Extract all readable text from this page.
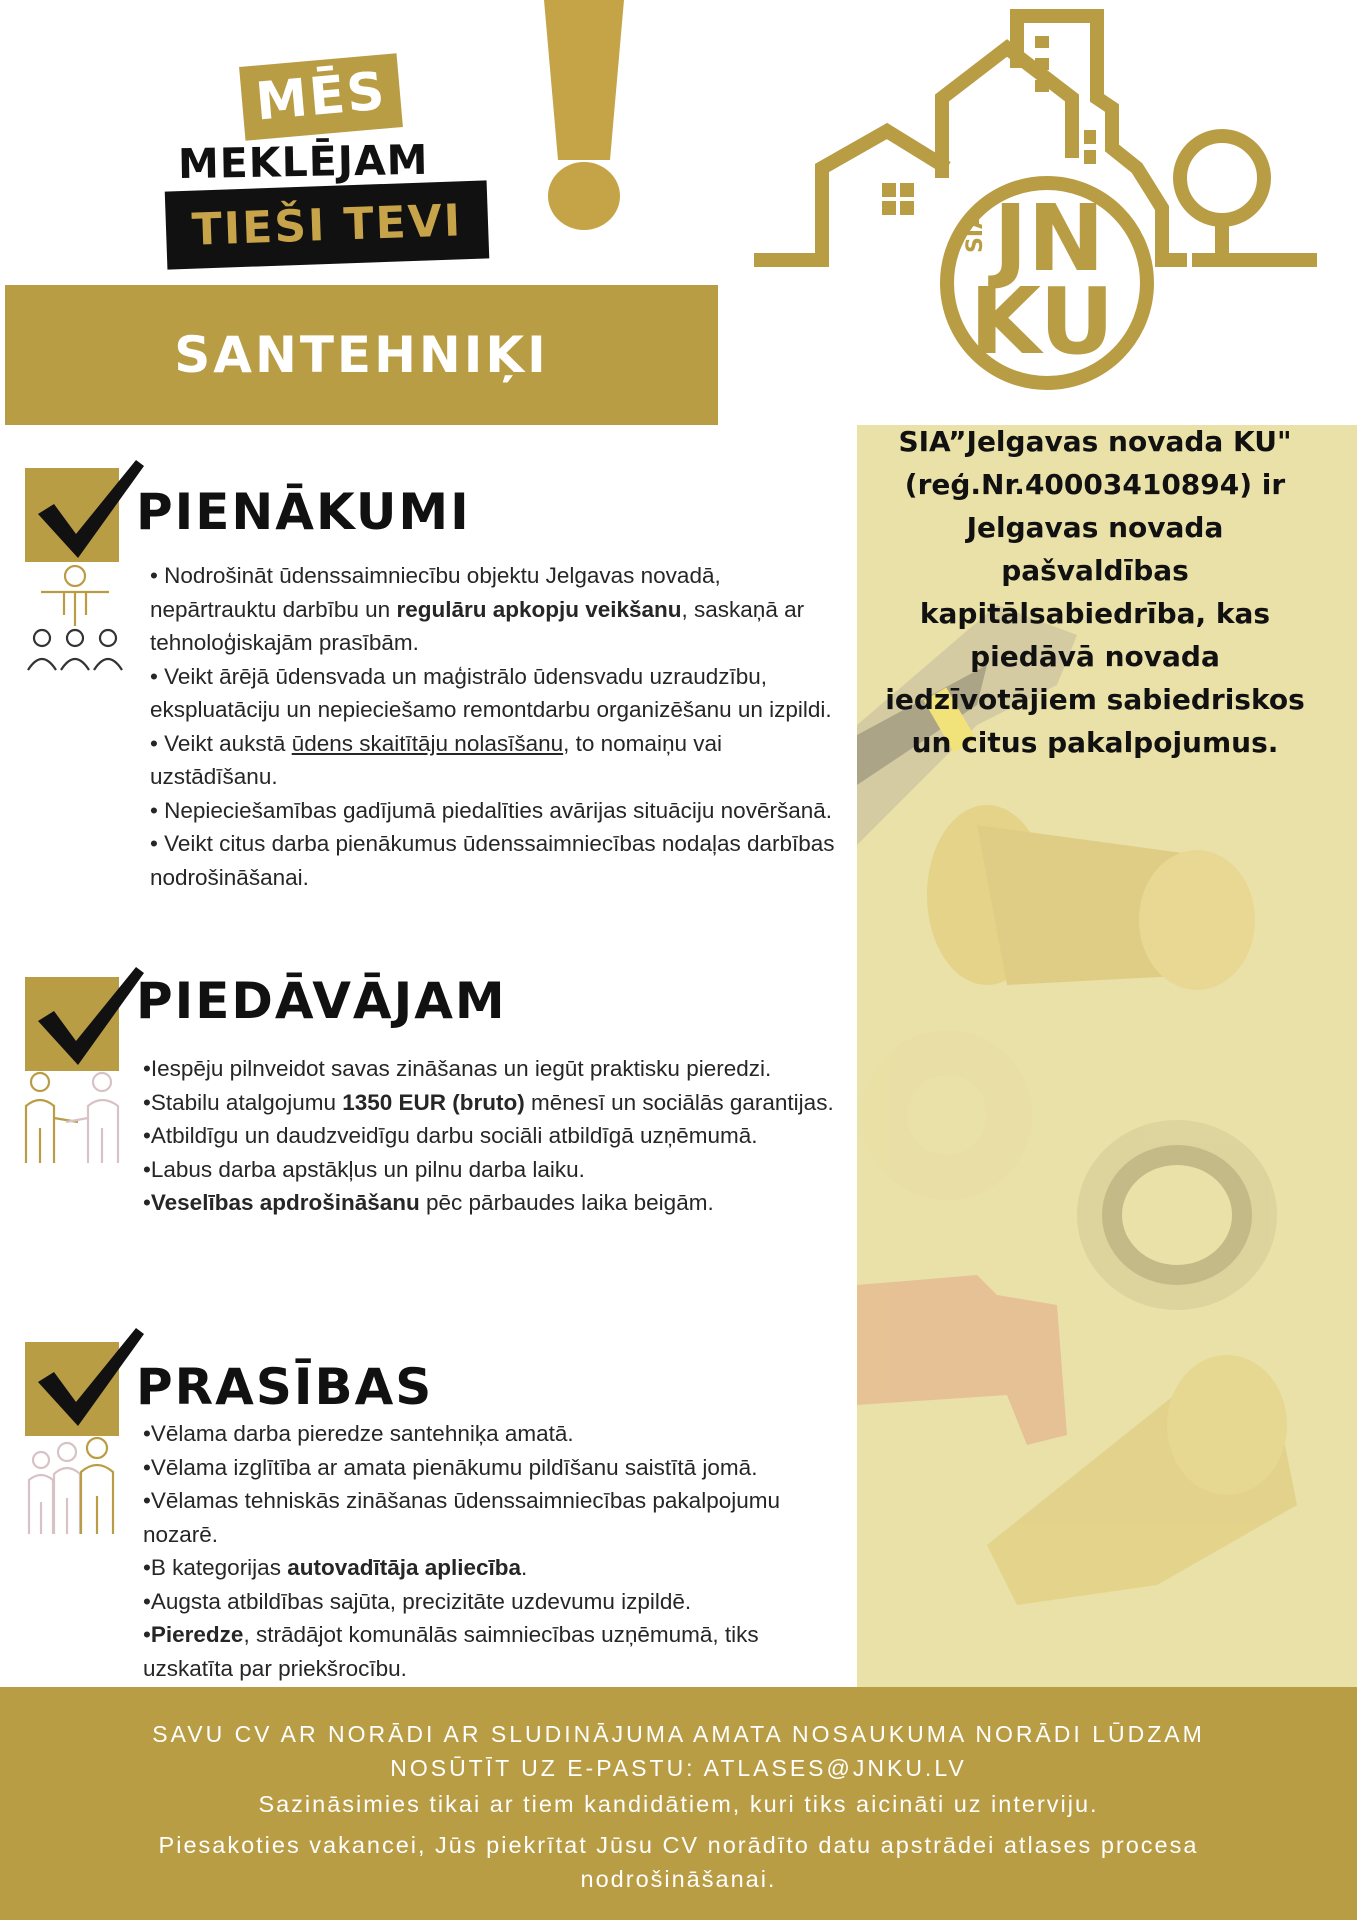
MĒS
MEKLĒJAM
TIEŠI TEVI
SANTEHNIĶI
SIA JN
KU
SIA”Jelgavas novada KU" (reģ.Nr.40003410894) ir Jelgavas novada pašvaldības kapitālsabiedrība, kas piedāvā novada iedzīvotājiem sabiedriskos un citus pakalpojumus.
PIENĀKUMI

• Nodrošināt ūdenssaimniecību objektu Jelgavas novadā, nepārtrauktu darbību un regulāru apkopju veikšanu, saskaņā ar tehnoloģiskajām prasībām.

• Veikt ārējā ūdensvada un maģistrālo ūdensvadu uzraudzību, ekspluatāciju un nepieciešamo remontdarbu organizēšanu un izpildi.

• Veikt aukstā ūdens skaitītāju nolasīšanu, to nomaiņu vai uzstādīšanu.

• Nepieciešamības gadījumā piedalīties avārijas situāciju novēršanā.

• Veikt citus darba pienākumus ūdenssaimniecības nodaļas darbības nodrošināšanai.

PIEDĀVĀJAM

•Iespēju pilnveidot savas zināšanas un iegūt praktisku pieredzi.

•Stabilu atalgojumu 1350 EUR (bruto) mēnesī un sociālās garantijas.

•Atbildīgu un daudzveidīgu darbu sociāli atbildīgā uzņēmumā.

•Labus darba apstākļus un pilnu darba laiku.

•Veselības apdrošināšanu pēc pārbaudes laika beigām.

PRASĪBAS

•Vēlama darba pieredze santehniķa amatā.

•Vēlama izglītība ar amata pienākumu pildīšanu saistītā jomā.

•Vēlamas tehniskās zināšanas ūdenssaimniecības pakalpojumu nozarē.

•B kategorijas autovadītāja apliecība.

•Augsta atbildības sajūta, precizitāte uzdevumu izpildē.

•Pieredze, strādājot komunālās saimniecības uzņēmumā, tiks uzskatīta par priekšrocību.

SAVU CV AR NORĀDI AR SLUDINĀJUMA AMATA NOSAUKUMA NORĀDI LŪDZAM NOSŪTĪT UZ E-PASTU: ATLASES@JNKU.LV
Sazināsimies tikai ar tiem kandidātiem, kuri tiks aicināti uz interviju.
Piesakoties vakancei, Jūs piekrītat Jūsu CV norādīto datu apstrādei atlases procesa nodrošināšanai.
